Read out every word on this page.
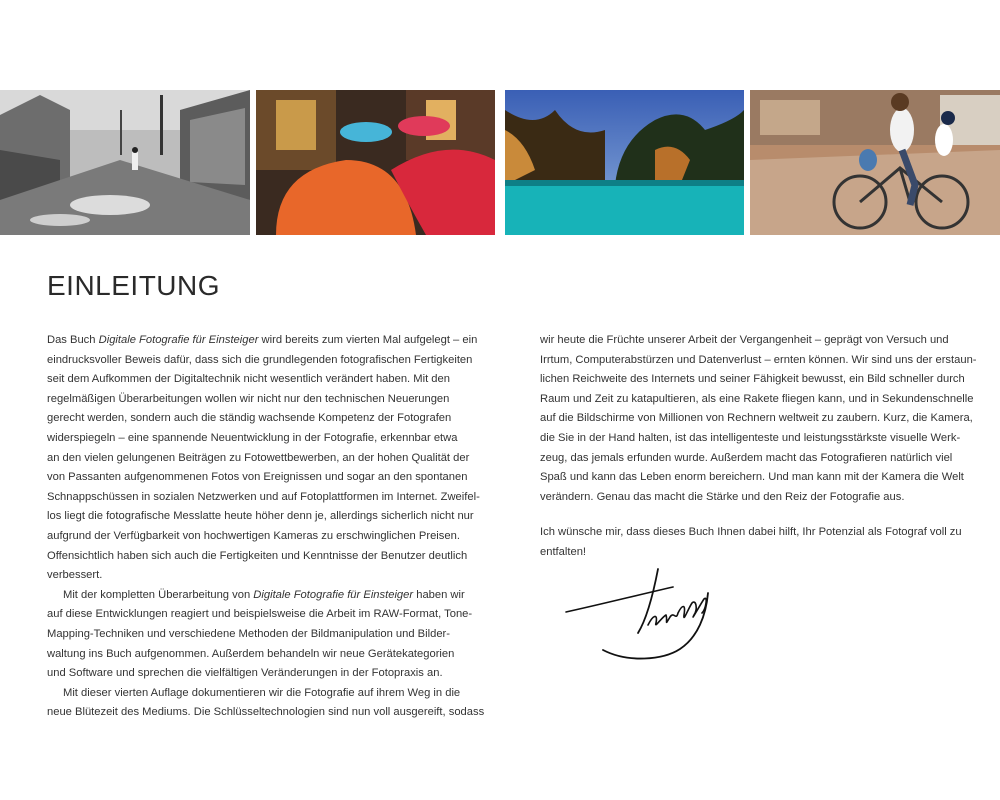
EINLEITUNG
Das Buch Digitale Fotografie für Einsteiger wird bereits zum vierten Mal aufgelegt – ein
eindrucksvoller Beweis dafür, dass sich die grundlegenden fotografischen Fertigkeiten
seit dem Aufkommen der Digitaltechnik nicht wesentlich verändert haben. Mit den
regelmäßigen Überarbeitungen wollen wir nicht nur den technischen Neuerungen
gerecht werden, sondern auch die ständig wachsende Kompetenz der Fotografen
widerspiegeln – eine spannende Neuentwicklung in der Fotografie, erkennbar etwa
an den vielen gelungenen Beiträgen zu Fotowettbewerben, an der hohen Qualität der
von Passanten aufgenommenen Fotos von Ereignissen und sogar an den spontanen
Schnappschüssen in sozialen Netzwerken und auf Fotoplattformen im Internet. Zweifel-
los liegt die fotografische Messlatte heute höher denn je, allerdings sicherlich nicht nur
aufgrund der Verfügbarkeit von hochwertigen Kameras zu erschwinglichen Preisen.
Offensichtlich haben sich auch die Fertigkeiten und Kenntnisse der Benutzer deutlich
verbessert.
Mit der kompletten Überarbeitung von Digitale Fotografie für Einsteiger haben wir
auf diese Entwicklungen reagiert und beispielsweise die Arbeit im RAW-Format, Tone-
Mapping-Techniken und verschiedene Methoden der Bildmanipulation und Bilder-
waltung ins Buch aufgenommen. Außerdem behandeln wir neue Gerätekategorien
und Software und sprechen die vielfältigen Veränderungen in der Fotopraxis an.
Mit dieser vierten Auflage dokumentieren wir die Fotografie auf ihrem Weg in die
neue Blütezeit des Mediums. Die Schlüsseltechnologien sind nun voll ausgereift, sodass
wir heute die Früchte unserer Arbeit der Vergangenheit – geprägt von Versuch und
Irrtum, Computerabstürzen und Datenverlust – ernten können. Wir sind uns der erstaun-
lichen Reichweite des Internets und seiner Fähigkeit bewusst, ein Bild schneller durch
Raum und Zeit zu katapultieren, als eine Rakete fliegen kann, und in Sekundenschnelle
auf die Bildschirme von Millionen von Rechnern weltweit zu zaubern. Kurz, die Kamera,
die Sie in der Hand halten, ist das intelligenteste und leistungsstärkste visuelle Werk-
zeug, das jemals erfunden wurde. Außerdem macht das Fotografieren natürlich viel
Spaß und kann das Leben enorm bereichern. Und man kann mit der Kamera die Welt
verändern. Genau das macht die Stärke und den Reiz der Fotografie aus.
Ich wünsche mir, dass dieses Buch Ihnen dabei hilft, Ihr Potenzial als Fotograf voll zu
entfalten!
